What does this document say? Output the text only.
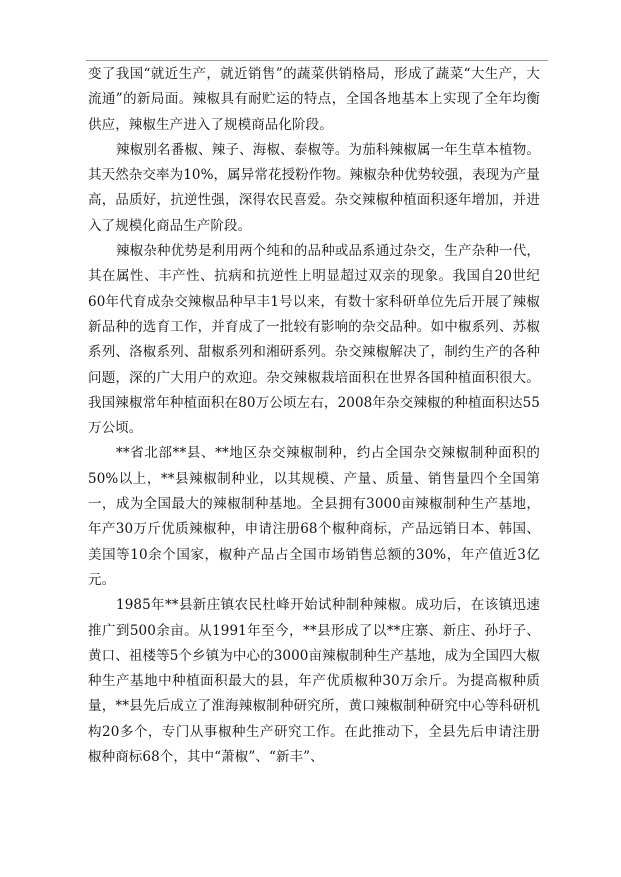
变了我国“就近生产，就近销售”的蔬菜供销格局，形成了蔬菜“大生产，大流通”的新局面。辣椒具有耐贮运的特点，全国各地基本上实现了全年均衡供应，辣椒生产进入了规模商品化阶段。

辣椒别名番椒、辣子、海椒、泰椒等。为茄科辣椒属一年生草本植物。其天然杂交率为10%，属异常花授粉作物。辣椒杂种优势较强，表现为产量高，品质好，抗逆性强，深得农民喜爱。杂交辣椒种植面积逐年增加，并进入了规模化商品生产阶段。

辣椒杂种优势是利用两个纯和的品种或品系通过杂交，生产杂种一代，其在属性、丰产性、抗病和抗逆性上明显超过双亲的现象。我国自20世纪60年代育成杂交辣椒品种早丰1号以来，有数十家科研单位先后开展了辣椒新品种的选育工作，并育成了一批较有影响的杂交品种。如中椒系列、苏椒系列、洛椒系列、甜椒系列和湘研系列。杂交辣椒解决了，制约生产的各种问题，深的广大用户的欢迎。杂交辣椒栽培面积在世界各国种植面积很大。我国辣椒常年种植面积在80万公顷左右，2008年杂交辣椒的种植面积达55万公顷。

**省北部**县、**地区杂交辣椒制种，约占全国杂交辣椒制种面积的50%以上，**县辣椒制种业，以其规模、产量、质量、销售量四个全国第一，成为全国最大的辣椒制种基地。全县拥有3000亩辣椒制种生产基地，年产30万斤优质辣椒种，申请注册68个椒种商标，产品远销日本、韩国、美国等10余个国家，椒种产品占全国市场销售总额的30%，年产值近3亿元。

1985年**县新庄镇农民杜峰开始试种制种辣椒。成功后，在该镇迅速推广到500余亩。从1991年至今，**县形成了以**庄寨、新庄、孙圩子、黄口、祖楼等5个乡镇为中心的3000亩辣椒制种生产基地，成为全国四大椒种生产基地中种植面积最大的县，年产优质椒种30万余斤。为提高椒种质量，**县先后成立了淮海辣椒制种研究所，黄口辣椒制种研究中心等科研机构20多个，专门从事椒种生产研究工作。在此推动下，全县先后申请注册椒种商标68个，其中“萧椒”、“新丰”、
